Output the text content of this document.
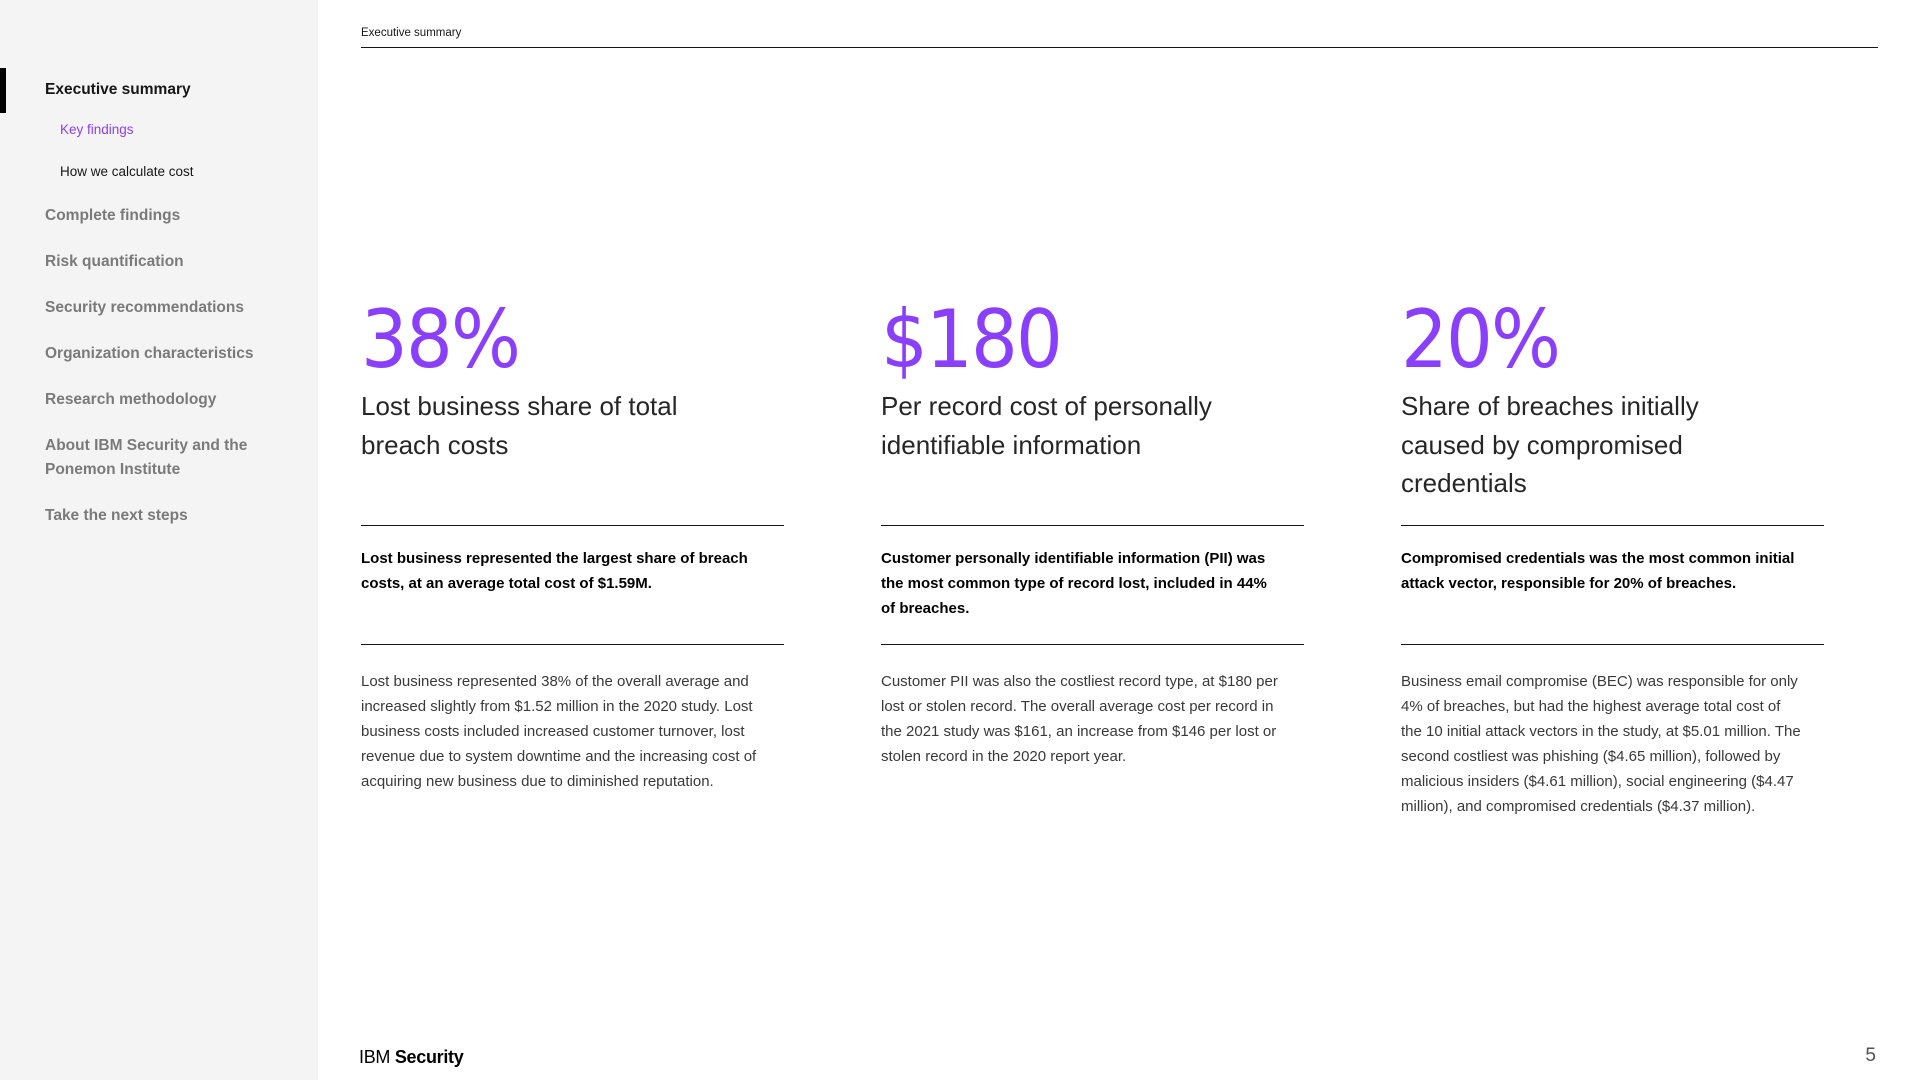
Executive summary
Key findings
How we calculate cost
Complete findings
Risk quantification
Security recommendations
Organization characteristics
Research methodology
About IBM Security and the Ponemon Institute
Take the next steps
Executive summary
38%
Lost business share of total breach costs
Lost business represented the largest share of breach costs, at an average total cost of $1.59M.
Lost business represented 38% of the overall average and increased slightly from $1.52 million in the 2020 study. Lost business costs included increased customer turnover, lost revenue due to system downtime and the increasing cost of acquiring new business due to diminished reputation.
$180
Per record cost of personally identifiable information
Customer personally identifiable information (PII) was the most common type of record lost, included in 44% of breaches.
Customer PII was also the costliest record type, at $180 per lost or stolen record. The overall average cost per record in the 2021 study was $161, an increase from $146 per lost or stolen record in the 2020 report year.
20%
Share of breaches initially caused by compromised credentials
Compromised credentials was the most common initial attack vector, responsible for 20% of breaches.
Business email compromise (BEC) was responsible for only 4% of breaches, but had the highest average total cost of the 10 initial attack vectors in the study, at $5.01 million. The second costliest was phishing ($4.65 million), followed by malicious insiders ($4.61 million), social engineering ($4.47 million), and compromised credentials ($4.37 million).
IBM Security	5
